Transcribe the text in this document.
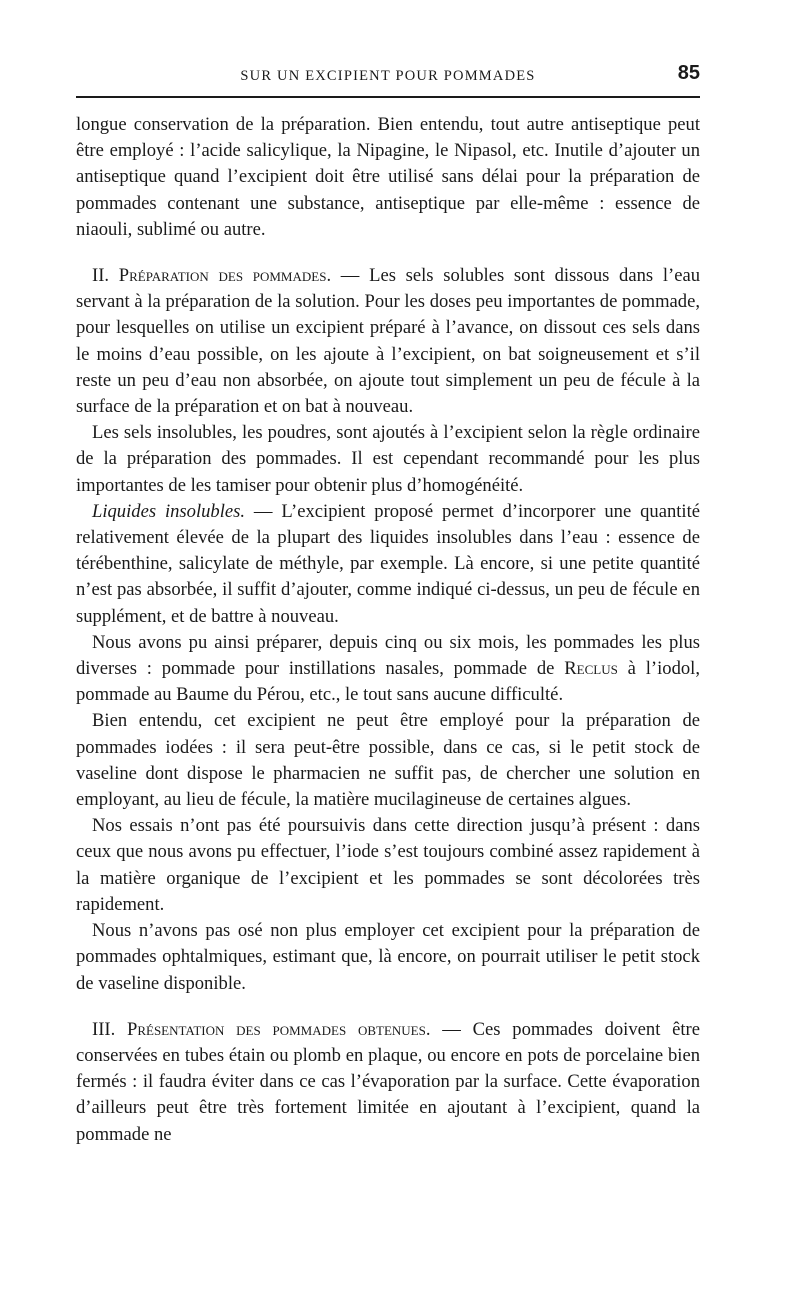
SUR UN EXCIPIENT POUR POMMADES	85

longue conservation de la préparation. Bien entendu, tout autre antiseptique peut être employé : l’acide salicylique, la Nipagine, le Nipasol, etc. Inutile d’ajouter un antiseptique quand l’excipient doit être utilisé sans délai pour la préparation de pommades contenant une substance, antiseptique par elle-même : essence de niaouli, sublimé ou autre.

II. Préparation des pommades. — Les sels solubles sont dissous dans l’eau servant à la préparation de la solution. Pour les doses peu importantes de pommade, pour lesquelles on utilise un excipient préparé à l’avance, on dissout ces sels dans le moins d’eau possible, on les ajoute à l’excipient, on bat soigneusement et s’il reste un peu d’eau non absorbée, on ajoute tout simplement un peu de fécule à la surface de la préparation et on bat à nouveau.

Les sels insolubles, les poudres, sont ajoutés à l’excipient selon la règle ordinaire de la préparation des pommades. Il est cependant recommandé pour les plus importantes de les tamiser pour obtenir plus d’homogénéité.

Liquides insolubles. — L’excipient proposé permet d’incorporer une quantité relativement élevée de la plupart des liquides insolubles dans l’eau : essence de térébenthine, salicylate de méthyle, par exemple. Là encore, si une petite quantité n’est pas absorbée, il suffit d’ajouter, comme indiqué ci-dessus, un peu de fécule en supplément, et de battre à nouveau.

Nous avons pu ainsi préparer, depuis cinq ou six mois, les pommades les plus diverses : pommade pour instillations nasales, pommade de Reclus à l’iodol, pommade au Baume du Pérou, etc., le tout sans aucune difficulté.

Bien entendu, cet excipient ne peut être employé pour la préparation de pommades iodées : il sera peut-être possible, dans ce cas, si le petit stock de vaseline dont dispose le pharmacien ne suffit pas, de chercher une solution en employant, au lieu de fécule, la matière mucilagineuse de certaines algues.

Nos essais n’ont pas été poursuivis dans cette direction jusqu’à présent : dans ceux que nous avons pu effectuer, l’iode s’est toujours combiné assez rapidement à la matière organique de l’excipient et les pommades se sont décolorées très rapidement.

Nous n’avons pas osé non plus employer cet excipient pour la préparation de pommades ophtalmiques, estimant que, là encore, on pourrait utiliser le petit stock de vaseline disponible.

III. Présentation des pommades obtenues. — Ces pommades doivent être conservées en tubes étain ou plomb en plaque, ou encore en pots de porcelaine bien fermés : il faudra éviter dans ce cas l’évaporation par la surface. Cette évaporation d’ailleurs peut être très fortement limitée en ajoutant à l’excipient, quand la pommade ne
